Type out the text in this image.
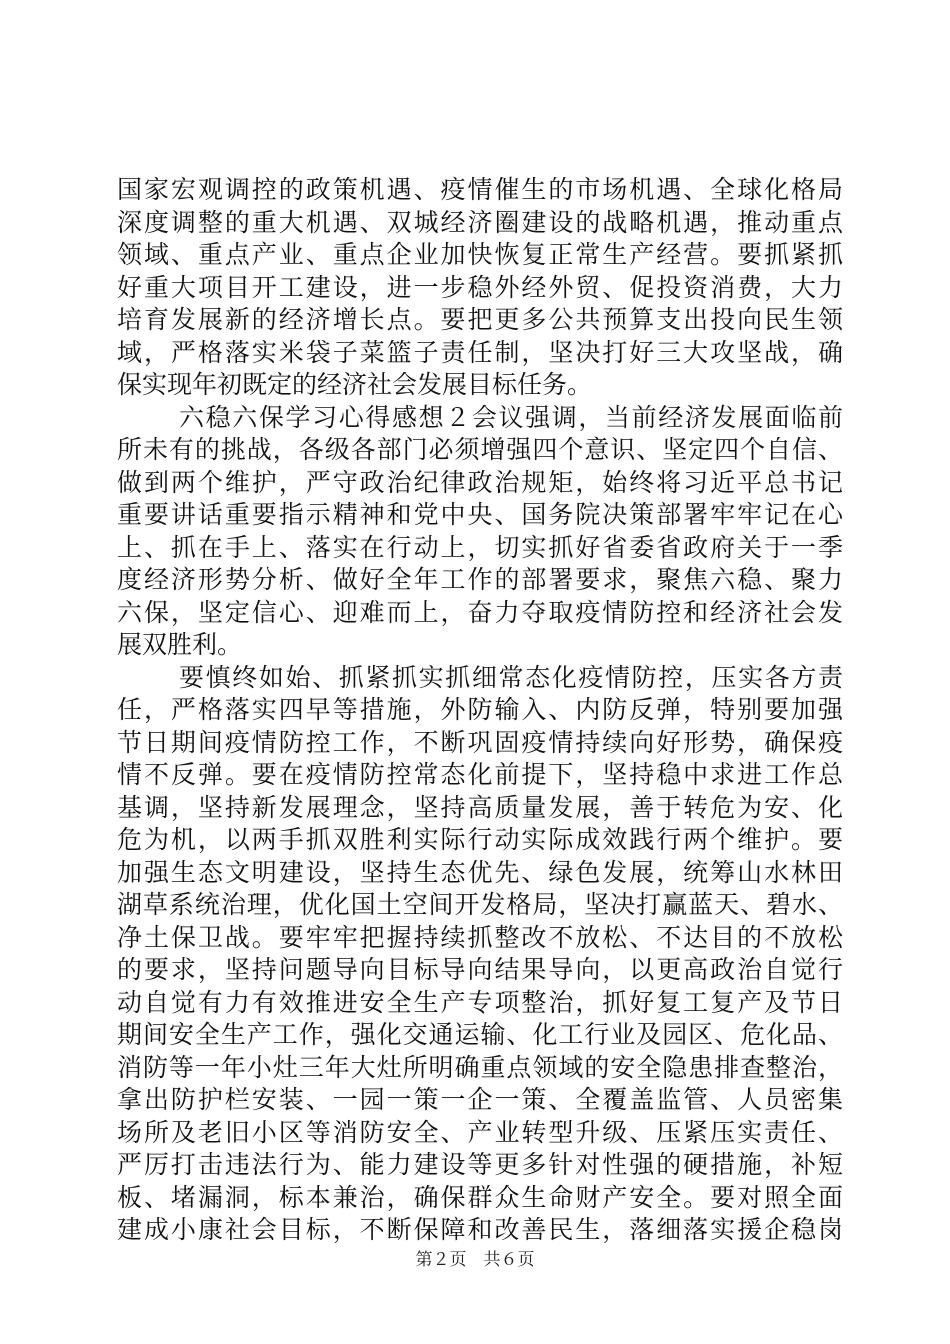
国家宏观调控的政策机遇、疫情催生的市场机遇、全球化格局
深度调整的重大机遇、双城经济圈建设的战略机遇，推动重点
领域、重点产业、重点企业加快恢复正常生产经营。要抓紧抓
好重大项目开工建设，进一步稳外经外贸、促投资消费，大力
培育发展新的经济增长点。要把更多公共预算支出投向民生领
域，严格落实米袋子菜篮子责任制，坚决打好三大攻坚战，确
保实现年初既定的经济社会发展目标任务。
六稳六保学习心得感想２会议强调，当前经济发展面临前
所未有的挑战，各级各部门必须增强四个意识、坚定四个自信、
做到两个维护，严守政治纪律政治规矩，始终将习近平总书记
重要讲话重要指示精神和党中央、国务院决策部署牢牢记在心
上、抓在手上、落实在行动上，切实抓好省委省政府关于一季
度经济形势分析、做好全年工作的部署要求，聚焦六稳、聚力
六保，坚定信心、迎难而上，奋力夺取疫情防控和经济社会发
展双胜利。
要慎终如始、抓紧抓实抓细常态化疫情防控，压实各方责
任，严格落实四早等措施，外防输入、内防反弹，特别要加强
节日期间疫情防控工作，不断巩固疫情持续向好形势，确保疫
情不反弹。要在疫情防控常态化前提下，坚持稳中求进工作总
基调，坚持新发展理念，坚持高质量发展，善于转危为安、化
危为机，以两手抓双胜利实际行动实际成效践行两个维护。要
加强生态文明建设，坚持生态优先、绿色发展，统筹山水林田
湖草系统治理，优化国土空间开发格局，坚决打赢蓝天、碧水、
净土保卫战。要牢牢把握持续抓整改不放松、不达目的不放松
的要求，坚持问题导向目标导向结果导向，以更高政治自觉行
动自觉有力有效推进安全生产专项整治，抓好复工复产及节日
期间安全生产工作，强化交通运输、化工行业及园区、危化品、
消防等一年小灶三年大灶所明确重点领域的安全隐患排查整治，
拿出防护栏安装、一园一策一企一策、全覆盖监管、人员密集
场所及老旧小区等消防安全、产业转型升级、压紧压实责任、
严厉打击违法行为、能力建设等更多针对性强的硬措施，补短
板、堵漏洞，标本兼治，确保群众生命财产安全。要对照全面
建成小康社会目标，不断保障和改善民生，落细落实援企稳岗
第２页　共６页
